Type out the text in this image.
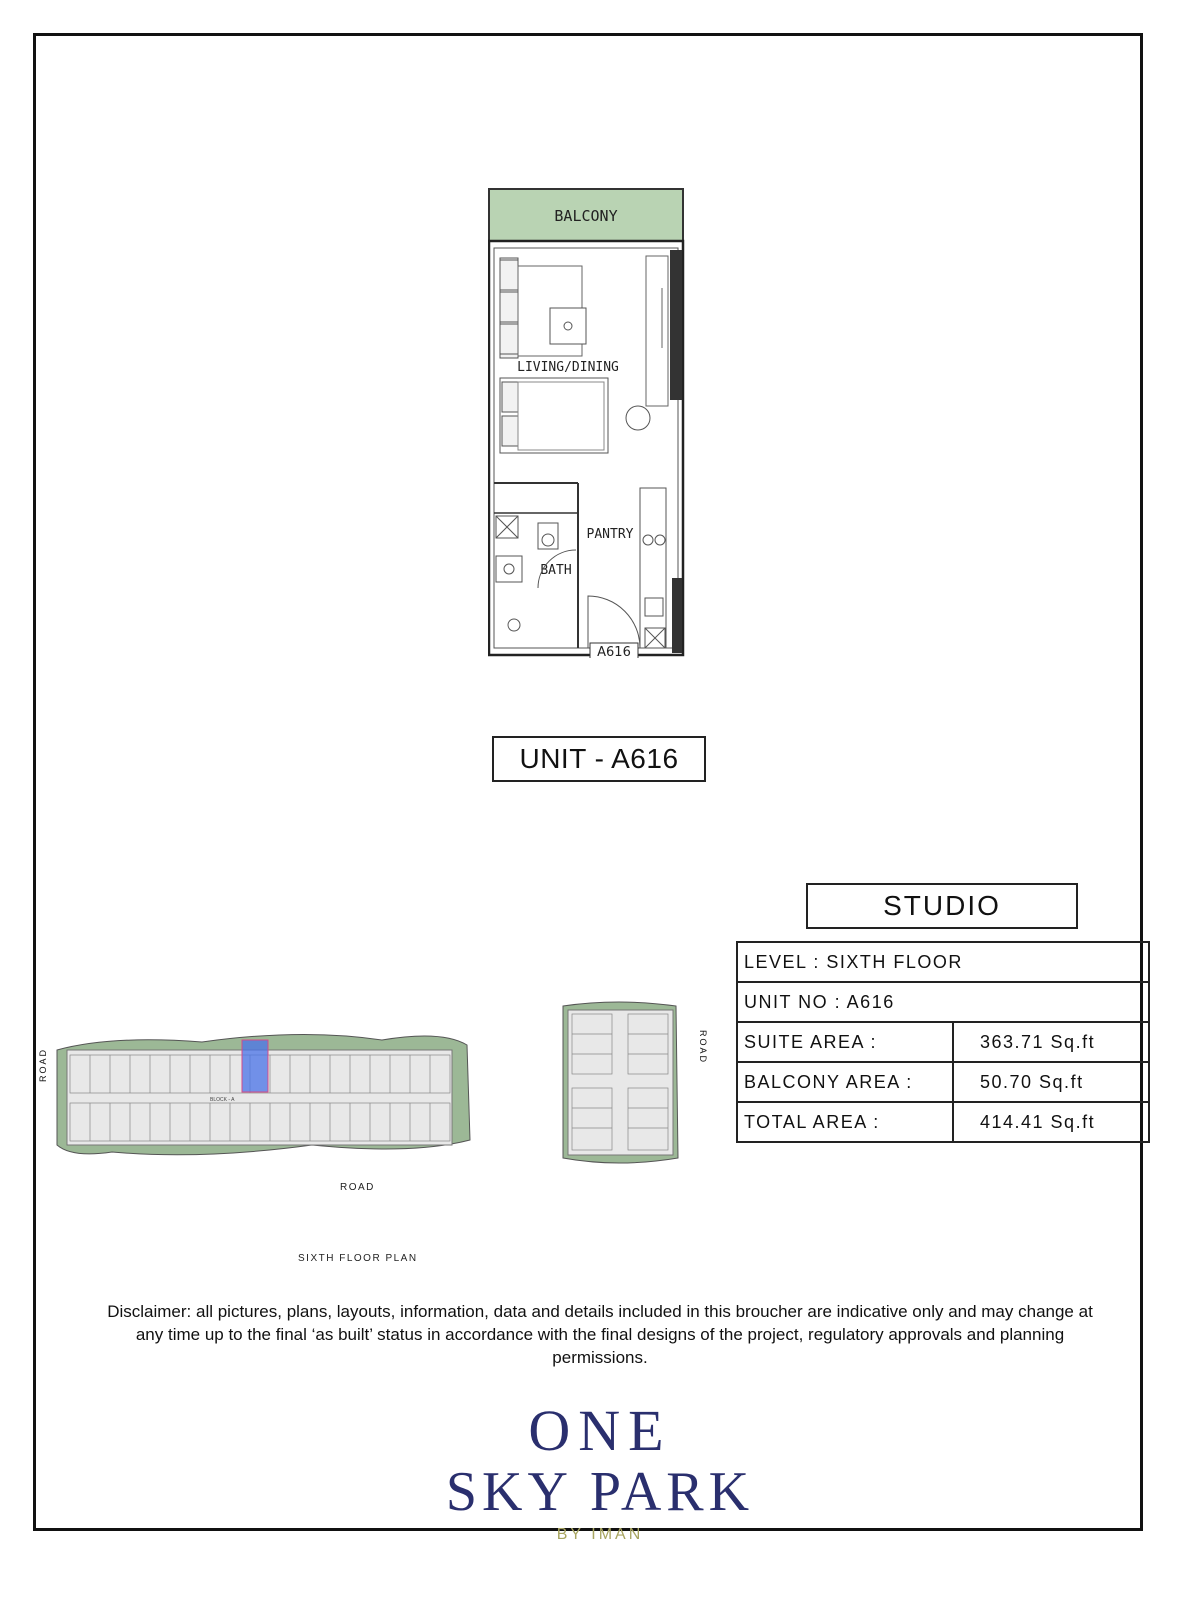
BALCONY
LIVING/DINING
BATH
PANTRY
A616
UNIT - A616
STUDIO
LEVEL : SIXTH FLOOR	
UNIT NO : A616	
SUITE AREA :	363.71 Sq.ft
BALCONY AREA :	50.70 Sq.ft
TOTAL AREA :	414.41 Sq.ft
BLOCK - A
ROAD
ROAD
SIXTH FLOOR PLAN
ROAD
Disclaimer: all pictures, plans, layouts, information, data and details included in this broucher are indicative only and may change at any time up to the final ‘as built’ status in accordance with the final designs of the project, regulatory approvals and planning permissions.
ONE
SKY PARK
BY IMAN
